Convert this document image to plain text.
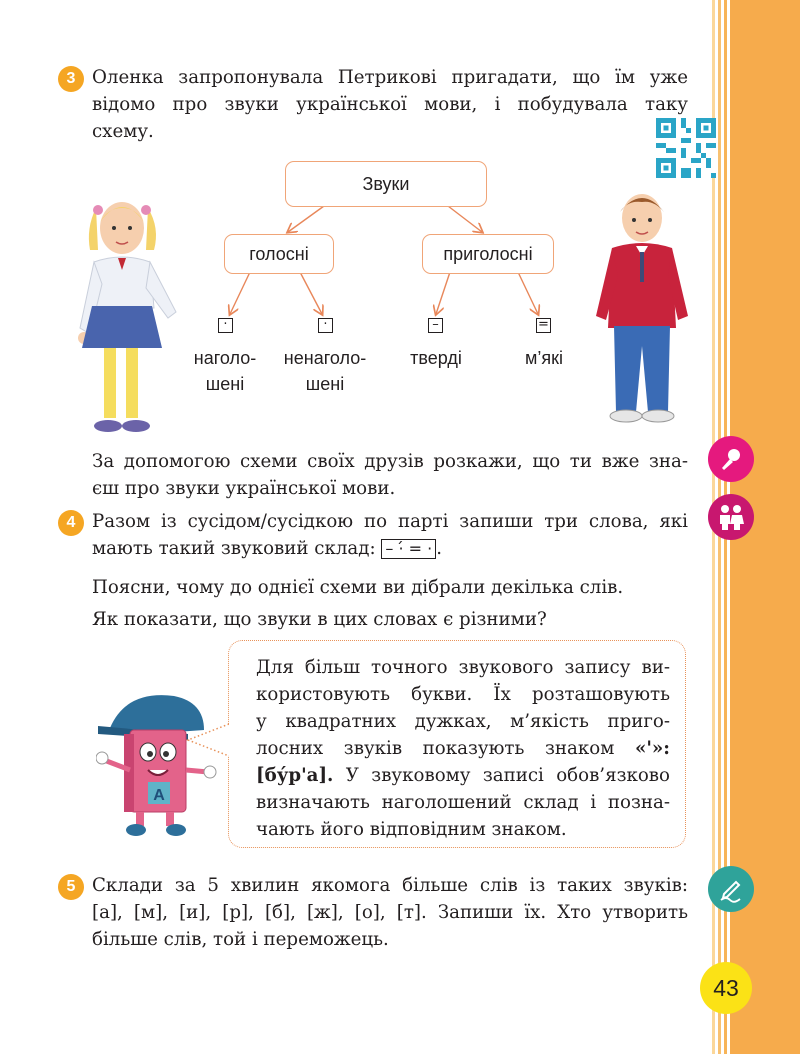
43
3 Оленка запропонувала Петрикові пригадати, що їм уже
відомо про звуки української мови, і побудувала таку
схему.
Звуки
голосні	приголосні
·	·	–	=
наголо-
шені
ненаголо-
шені
тверді	м’які
За допомогою схеми своїх друзів розкажи, що ти вже зна-
єш про звуки української мови.
4 Разом із сусідом/сусідкою по парті запиши три слова, які
мають такий звуковий склад: – ·́ = · .
Поясни, чому до однієї схеми ви дібрали декілька слів.
Як показати, що звуки в цих словах є різними?
А
Для більш точного звукового запису ви-
користовують букви. Їх розташовують
у квадратних дужках, м’якість приго-
лосних звуків показують знаком «'»:
[бу́р'а]. У звуковому записі обов’язково
визначають наголошений склад і позна-
чають його відповідним знаком.
5 Склади за 5 хвилин якомога більше слів із таких звуків:
[а], [м], [и], [р], [б], [ж], [о], [т]. Запиши їх. Хто утворить
більше слів, той і переможець.
